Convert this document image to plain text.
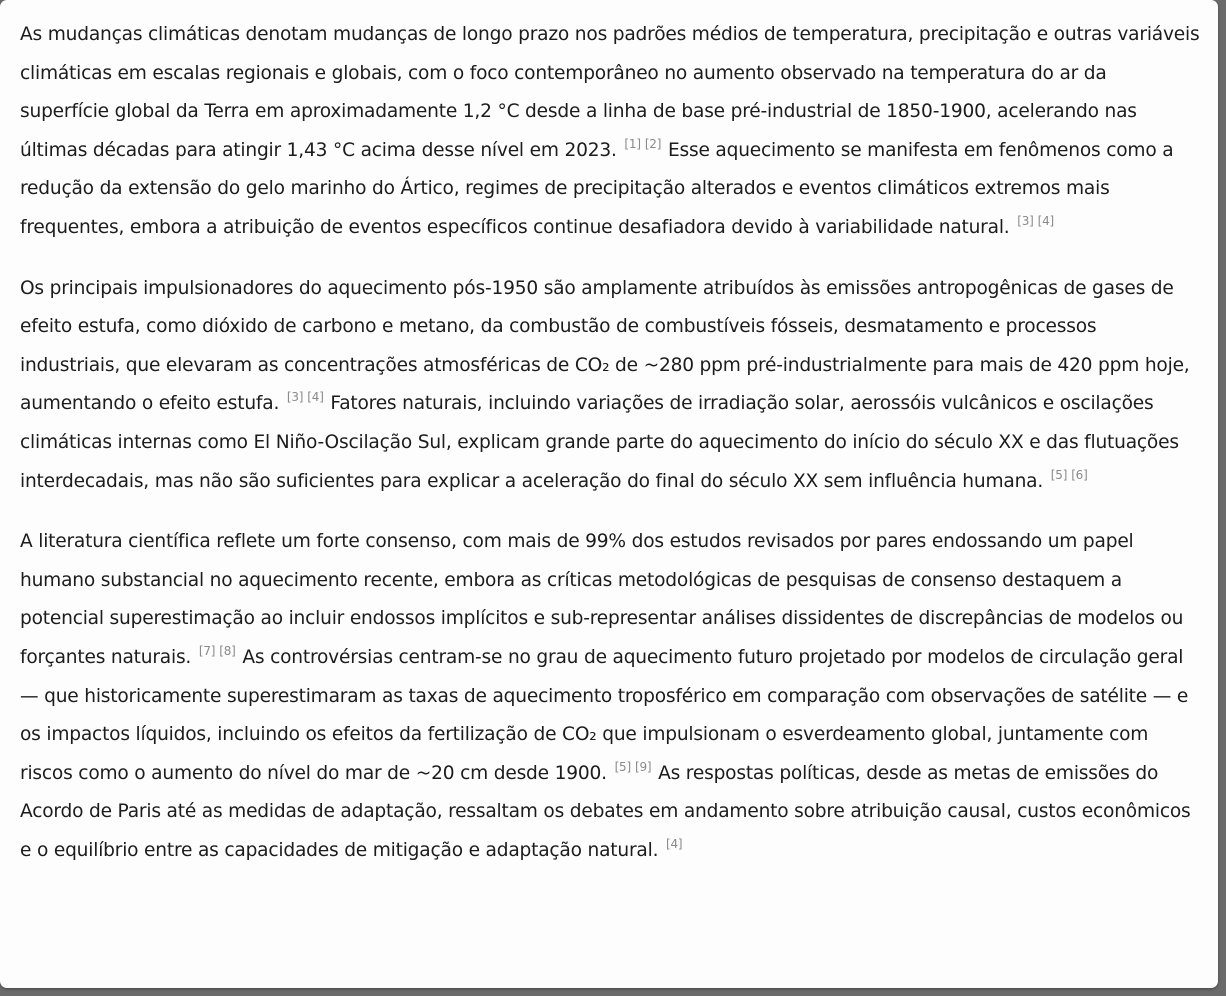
As mudanças climáticas denotam mudanças de longo prazo nos padrões médios de temperatura, precipitação e outras variáveis climáticas em escalas regionais e globais, com o foco contemporâneo no aumento observado na temperatura do ar da superfície global da Terra em aproximadamente 1,2 °C desde a linha de base pré-industrial de 1850-1900, acelerando nas últimas décadas para atingir 1,43 °C acima desse nível em 2023. [1] [2] Esse aquecimento se manifesta em fenômenos como a redução da extensão do gelo marinho do Ártico, regimes de precipitação alterados e eventos climáticos extremos mais frequentes, embora a atribuição de eventos específicos continue desafiadora devido à variabilidade natural. [3] [4]

Os principais impulsionadores do aquecimento pós-1950 são amplamente atribuídos às emissões antropogênicas de gases de efeito estufa, como dióxido de carbono e metano, da combustão de combustíveis fósseis, desmatamento e processos industriais, que elevaram as concentrações atmosféricas de CO₂ de ~280 ppm pré-industrialmente para mais de 420 ppm hoje, aumentando o efeito estufa. [3] [4] Fatores naturais, incluindo variações de irradiação solar, aerossóis vulcânicos e oscilações climáticas internas como El Niño-Oscilação Sul, explicam grande parte do aquecimento do início do século XX e das flutuações interdecadais, mas não são suficientes para explicar a aceleração do final do século XX sem influência humana. [5] [6]

A literatura científica reflete um forte consenso, com mais de 99% dos estudos revisados por pares endossando um papel humano substancial no aquecimento recente, embora as críticas metodológicas de pesquisas de consenso destaquem a potencial superestimação ao incluir endossos implícitos e sub-representar análises dissidentes de discrepâncias de modelos ou forçantes naturais. [7] [8] As controvérsias centram-se no grau de aquecimento futuro projetado por modelos de circulação geral — que historicamente superestimaram as taxas de aquecimento troposférico em comparação com observações de satélite — e os impactos líquidos, incluindo os efeitos da fertilização de CO₂ que impulsionam o esverdeamento global, juntamente com riscos como o aumento do nível do mar de ~20 cm desde 1900. [5] [9] As respostas políticas, desde as metas de emissões do Acordo de Paris até as medidas de adaptação, ressaltam os debates em andamento sobre atribuição causal, custos econômicos e o equilíbrio entre as capacidades de mitigação e adaptação natural. [4]
